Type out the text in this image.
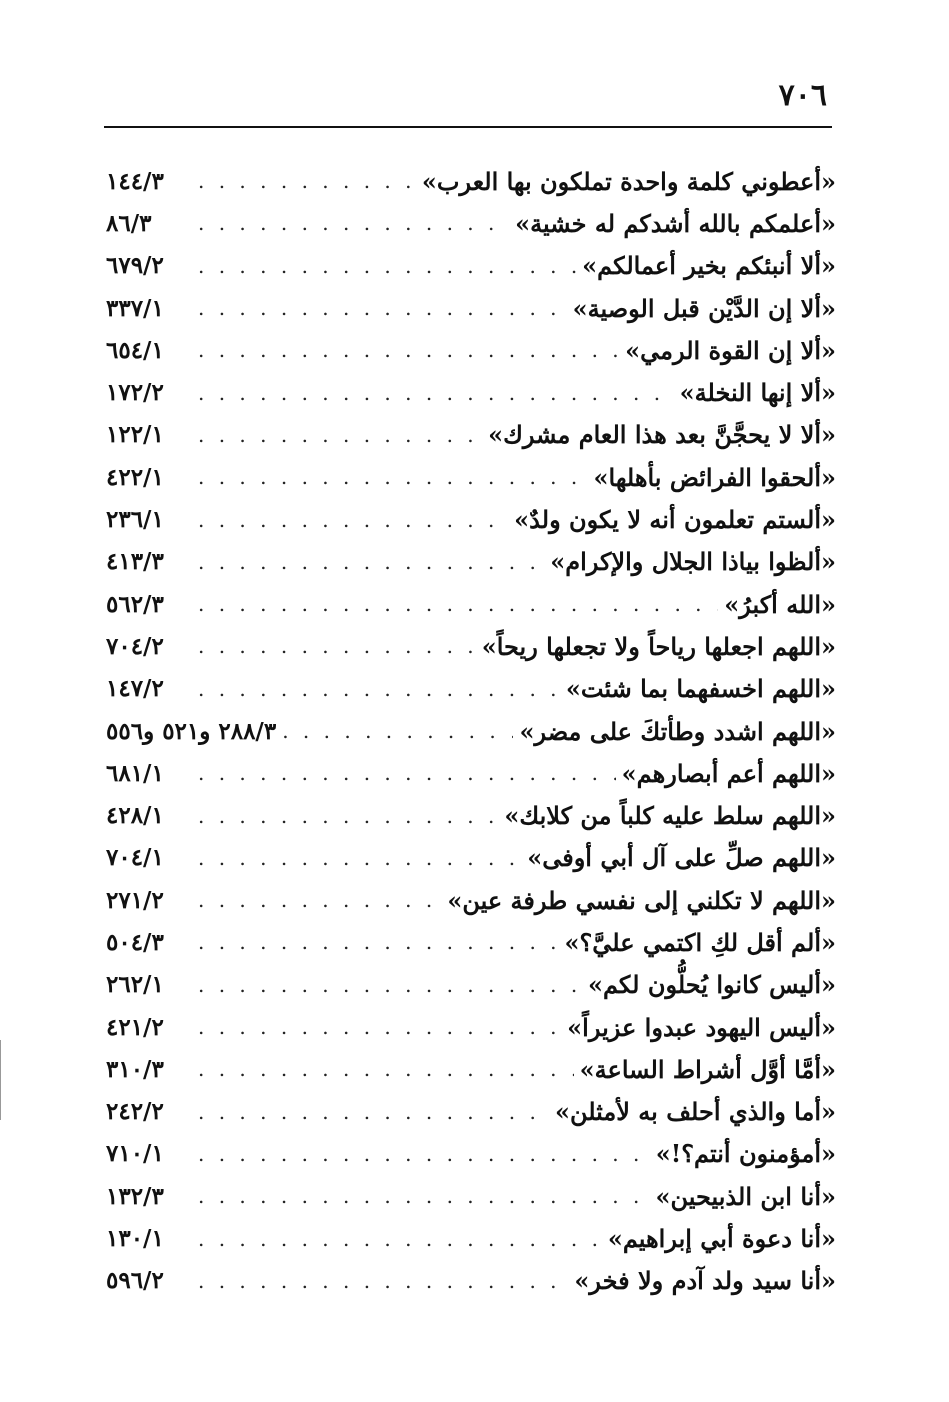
٧٠٦
«أعطوني كلمة واحدة تملكون بها العرب»
. . .
١٤٤/٣
«أعلمكم بالله أشدكم له خشية»
. . .
٨٦/٣
«ألا أنبئكم بخير أعمالكم»
. . .
٦٧٩/٢
«ألا إن الدَّيْن قبل الوصية»
. . .
٣٣٧/١
«ألا إن القوة الرمي»
. . .
٦٥٤/١
«ألا إنها النخلة»
. . .
١٧٢/٢
«ألا لا يحجَّنَّ بعد هذا العام مشرك»
. . .
١٢٢/١
«ألحقوا الفرائض بأهلها»
. . .
٤٢٢/١
«ألستم تعلمون أنه لا يكون ولدٌ»
. . .
٢٣٦/١
«ألظوا بياذا الجلال والإكرام»
. . .
٤١٣/٣
«الله أكبرُ»
. . .
٥٦٢/٣
«اللهم اجعلها رياحاً ولا تجعلها ريحاً»
. . .
٧٠٤/٢
«اللهم اخسفهما بما شئت»
. . .
١٤٧/٢
«اللهم اشدد وطأتكَ على مضر»
. . .
٢٨٨/٣ و٥٢١ و٥٥٦
«اللهم أعم أبصارهم»
. . .
٦٨١/١
«اللهم سلط عليه كلباً من كلابك»
. . .
٤٢٨/١
«اللهم صلِّ على آل أبي أوفى»
. . .
٧٠٤/١
«اللهم لا تكلني إلى نفسي طرفة عين»
. . .
٢٧١/٢
«ألم أقل لكِ اكتمي عليَّ؟»
. . .
٥٠٤/٣
«أليس كانوا يُحلُّون لكم»
. . .
٢٦٢/١
«أليس اليهود عبدوا عزيراً»
. . .
٤٢١/٢
«أمَّا أوَّل أشراط الساعة»
. . .
٣١٠/٣
«أما والذي أحلف به لأمثلن»
. . .
٢٤٢/٢
«أمؤمنون أنتم؟!»
. . .
٧١٠/١
«أنا ابن الذبيحين»
. . .
١٣٢/٣
«أنا دعوة أبي إبراهيم»
. . .
١٣٠/١
«أنا سيد ولد آدم ولا فخر»
. . .
٥٩٦/٢
